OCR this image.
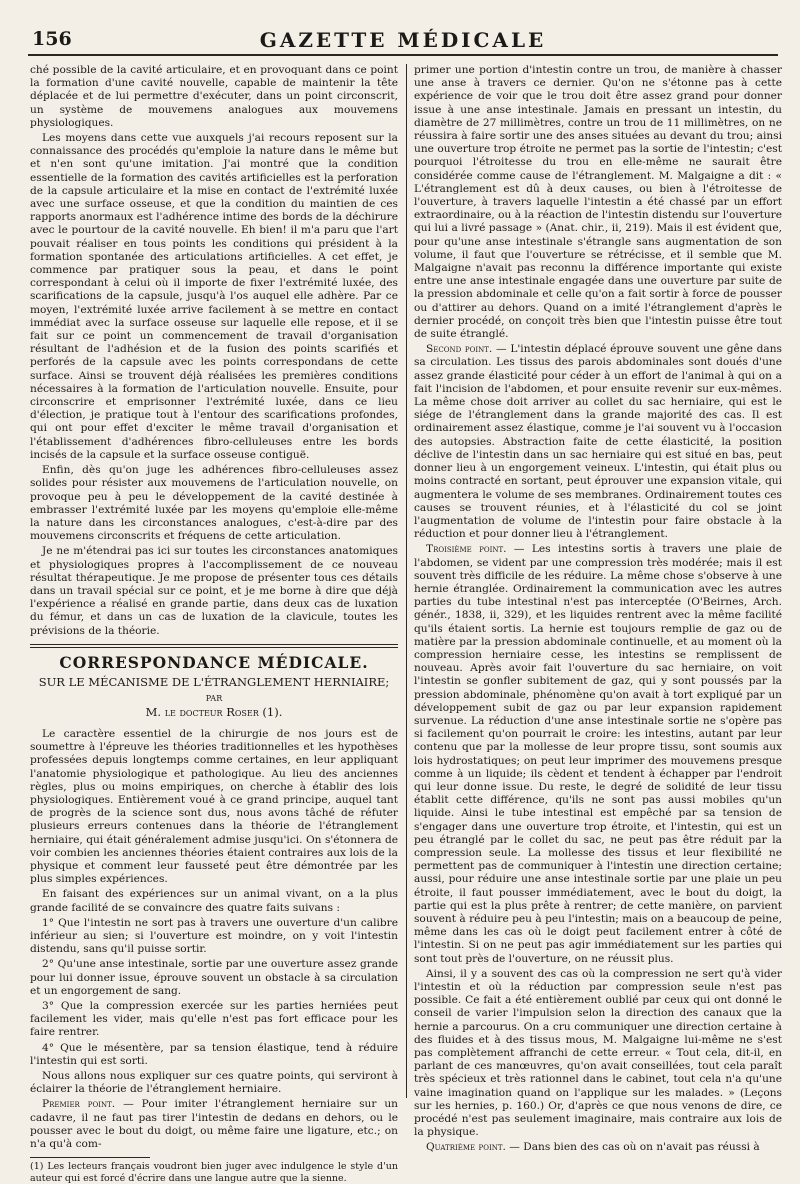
156	GAZETTE MÉDICALE

ché possible de la cavité articulaire, et en provoquant dans ce point la formation d'une cavité nouvelle, capable de maintenir la tête déplacée et de lui permettre d'exécuter, dans un point circonscrit, un système de mouvemens analogues aux mouvemens physiologiques.

Les moyens dans cette vue auxquels j'ai recours reposent sur la connaissance des procédés qu'emploie la nature dans le même but et n'en sont qu'une imitation. J'ai montré que la condition essentielle de la formation des cavités artificielles est la perforation de la capsule articulaire et la mise en contact de l'extrémité luxée avec une surface osseuse, et que la condition du maintien de ces rapports anormaux est l'adhérence intime des bords de la déchirure avec le pourtour de la cavité nouvelle. Eh bien! il m'a paru que l'art pouvait réaliser en tous points les conditions qui président à la formation spontanée des articulations artificielles. A cet effet, je commence par pratiquer sous la peau, et dans le point correspondant à celui où il importe de fixer l'extrémité luxée, des scarifications de la capsule, jusqu'à l'os auquel elle adhère. Par ce moyen, l'extrémité luxée arrive facilement à se mettre en contact immédiat avec la surface osseuse sur laquelle elle repose, et il se fait sur ce point un commencement de travail d'organisation résultant de l'adhésion et de la fusion des points scarifiés et perforés de la capsule avec les points correspondans de cette surface. Ainsi se trouvent déjà réalisées les premières conditions nécessaires à la formation de l'articulation nouvelle. Ensuite, pour circonscrire et emprisonner l'extrémité luxée, dans ce lieu d'élection, je pratique tout à l'entour des scarifications profondes, qui ont pour effet d'exciter le même travail d'organisation et l'établissement d'adhérences fibro-celluleuses entre les bords incisés de la capsule et la surface osseuse contiguë.

Enfin, dès qu'on juge les adhérences fibro-celluleuses assez solides pour résister aux mouvemens de l'articulation nouvelle, on provoque peu à peu le développement de la cavité destinée à embrasser l'extrémité luxée par les moyens qu'emploie elle-même la nature dans les circonstances analogues, c'est-à-dire par des mouvemens circonscrits et fréquens de cette articulation.

Je ne m'étendrai pas ici sur toutes les circonstances anatomiques et physiologiques propres à l'accomplissement de ce nouveau résultat thérapeutique. Je me propose de présenter tous ces détails dans un travail spécial sur ce point, et je me borne à dire que déjà l'expérience a réalisé en grande partie, dans deux cas de luxation du fémur, et dans un cas de luxation de la clavicule, toutes les prévisions de la théorie.

CORRESPONDANCE MÉDICALE.
SUR LE MÉCANISME DE L'ÉTRANGLEMENT HERNIAIRE; par
M. le docteur Roser (1).

Le caractère essentiel de la chirurgie de nos jours est de soumettre à l'épreuve les théories traditionnelles et les hypothèses professées depuis longtemps comme certaines, en leur appliquant l'anatomie physiologique et pathologique. Au lieu des anciennes règles, plus ou moins empiriques, on cherche à établir des lois physiologiques. Entièrement voué à ce grand principe, auquel tant de progrès de la science sont dus, nous avons tâché de réfuter plusieurs erreurs contenues dans la théorie de l'étranglement herniaire, qui était généralement admise jusqu'ici. On s'étonnera de voir combien les anciennes théories étaient contraires aux lois de la physique et comment leur fausseté peut être démontrée par les plus simples expériences.

En faisant des expériences sur un animal vivant, on a la plus grande facilité de se convaincre des quatre faits suivans :

1° Que l'intestin ne sort pas à travers une ouverture d'un calibre inférieur au sien; si l'ouverture est moindre, on y voit l'intestin distendu, sans qu'il puisse sortir.

2° Qu'une anse intestinale, sortie par une ouverture assez grande pour lui donner issue, éprouve souvent un obstacle à sa circulation et un engorgement de sang.

3° Que la compression exercée sur les parties herniées peut facilement les vider, mais qu'elle n'est pas fort efficace pour les faire rentrer.

4° Que le mésentère, par sa tension élastique, tend à réduire l'intestin qui est sorti.

Nous allons nous expliquer sur ces quatre points, qui serviront à éclairer la théorie de l'étranglement herniaire.

Premier point. — Pour imiter l'étranglement herniaire sur un cadavre, il ne faut pas tirer l'intestin de dedans en dehors, ou le pousser avec le bout du doigt, ou même faire une ligature, etc.; on n'a qu'à com-

(1) Les lecteurs français voudront bien juger avec indulgence le style d'un auteur qui est forcé d'écrire dans une langue autre que la sienne.

primer une portion d'intestin contre un trou, de manière à chasser une anse à travers ce dernier. Qu'on ne s'étonne pas à cette expérience de voir que le trou doit être assez grand pour donner issue à une anse intestinale. Jamais en pressant un intestin, du diamètre de 27 millimètres, contre un trou de 11 millimètres, on ne réussira à faire sortir une des anses situées au devant du trou; ainsi une ouverture trop étroite ne permet pas la sortie de l'intestin; c'est pourquoi l'étroitesse du trou en elle-même ne saurait être considérée comme cause de l'étranglement. M. Malgaigne a dit : « L'étranglement est dû à deux causes, ou bien à l'étroitesse de l'ouverture, à travers laquelle l'intestin a été chassé par un effort extraordinaire, ou à la réaction de l'intestin distendu sur l'ouverture qui lui a livré passage » (Anat. chir., ii, 219). Mais il est évident que, pour qu'une anse intestinale s'étrangle sans augmentation de son volume, il faut que l'ouverture se rétrécisse, et il semble que M. Malgaigne n'avait pas reconnu la différence importante qui existe entre une anse intestinale engagée dans une ouverture par suite de la pression abdominale et celle qu'on a fait sortir à force de pousser ou d'attirer au dehors. Quand on a imité l'étranglement d'après le dernier procédé, on conçoit très bien que l'intestin puisse être tout de suite étranglé.

Second point. — L'intestin déplacé éprouve souvent une gêne dans sa circulation. Les tissus des parois abdominales sont doués d'une assez grande élasticité pour céder à un effort de l'animal à qui on a fait l'incision de l'abdomen, et pour ensuite revenir sur eux-mêmes. La même chose doit arriver au collet du sac herniaire, qui est le siége de l'étranglement dans la grande majorité des cas. Il est ordinairement assez élastique, comme je l'ai souvent vu à l'occasion des autopsies. Abstraction faite de cette élasticité, la position déclive de l'intestin dans un sac herniaire qui est situé en bas, peut donner lieu à un engorgement veineux. L'intestin, qui était plus ou moins contracté en sortant, peut éprouver une expansion vitale, qui augmentera le volume de ses membranes. Ordinairement toutes ces causes se trouvent réunies, et à l'élasticité du col se joint l'augmentation de volume de l'intestin pour faire obstacle à la réduction et pour donner lieu à l'étranglement.

Troisième point. — Les intestins sortis à travers une plaie de l'abdomen, se vident par une compression très modérée; mais il est souvent très difficile de les réduire. La même chose s'observe à une hernie étranglée. Ordinairement la communication avec les autres parties du tube intestinal n'est pas interceptée (O'Beirnes, Arch. génér., 1838, ii, 329), et les liquides rentrent avec la même facilité qu'ils étaient sortis. La hernie est toujours remplie de gaz ou de matière par la pression abdominale continuelle, et au moment où la compression herniaire cesse, les intestins se remplissent de nouveau. Après avoir fait l'ouverture du sac herniaire, on voit l'intestin se gonfler subitement de gaz, qui y sont poussés par la pression abdominale, phénomène qu'on avait à tort expliqué par un développement subit de gaz ou par leur expansion rapidement survenue. La réduction d'une anse intestinale sortie ne s'opère pas si facilement qu'on pourrait le croire: les intestins, autant par leur contenu que par la mollesse de leur propre tissu, sont soumis aux lois hydrostatiques; on peut leur imprimer des mouvemens presque comme à un liquide; ils cèdent et tendent à échapper par l'endroit qui leur donne issue. Du reste, le degré de solidité de leur tissu établit cette différence, qu'ils ne sont pas aussi mobiles qu'un liquide. Ainsi le tube intestinal est empêché par sa tension de s'engager dans une ouverture trop étroite, et l'intestin, qui est un peu étranglé par le collet du sac, ne peut pas être réduit par la compression seule. La mollesse des tissus et leur flexibilité ne permettent pas de communiquer à l'intestin une direction certaine; aussi, pour réduire une anse intestinale sortie par une plaie un peu étroite, il faut pousser immédiatement, avec le bout du doigt, la partie qui est la plus prête à rentrer; de cette manière, on parvient souvent à réduire peu à peu l'intestin; mais on a beaucoup de peine, même dans les cas où le doigt peut facilement entrer à côté de l'intestin. Si on ne peut pas agir immédiatement sur les parties qui sont tout près de l'ouverture, on ne réussit plus.

Ainsi, il y a souvent des cas où la compression ne sert qu'à vider l'intestin et où la réduction par compression seule n'est pas possible. Ce fait a été entièrement oublié par ceux qui ont donné le conseil de varier l'impulsion selon la direction des canaux que la hernie a parcourus. On a cru communiquer une direction certaine à des fluides et à des tissus mous, M. Malgaigne lui-même ne s'est pas complètement affranchi de cette erreur. « Tout cela, dit-il, en parlant de ces manœuvres, qu'on avait conseillées, tout cela paraît très spécieux et très rationnel dans le cabinet, tout cela n'a qu'une vaine imagination quand on l'applique sur les malades. » (Leçons sur les hernies, p. 160.) Or, d'après ce que nous venons de dire, ce procédé n'est pas seulement imaginaire, mais contraire aux lois de la physique.

Quatrième point. — Dans bien des cas où on n'avait pas réussi à
